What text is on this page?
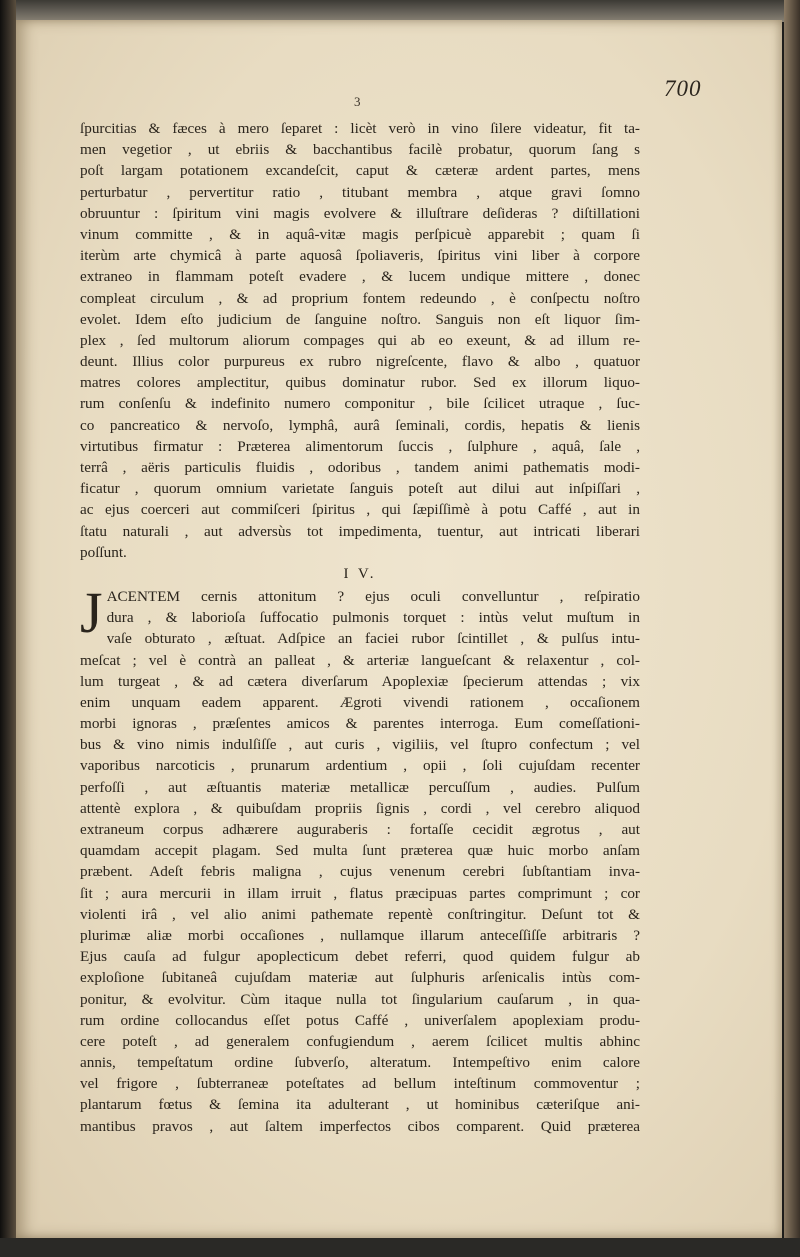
700
3
ſpurcitias & fæces à mero ſeparet : licèt verò in vino ſilere videatur, fit ta-
men vegetior , ut ebriis & bacchantibus facilè probatur, quorum ſang s
poſt largam potationem excandeſcit, caput & cæteræ ardent partes, mens
perturbatur , pervertitur ratio , titubant membra , atque gravi ſomno
obruuntur : ſpiritum vini magis evolvere & illuſtrare deſideras ? diſtillationi
vinum committe , & in aquâ-vitæ magis perſpicuè apparebit ; quam ſi
iterùm arte chymicâ à parte aquosâ ſpoliaveris, ſpiritus vini liber à corpore
extraneo in flammam poteſt evadere , & lucem undique mittere , donec
compleat circulum , & ad proprium fontem redeundo , è conſpectu noſtro
evolet. Idem eſto judicium de ſanguine noſtro. Sanguis non eſt liquor ſim-
plex , ſed multorum aliorum compages qui ab eo exeunt, & ad illum re-
deunt. Illius color purpureus ex rubro nigreſcente, flavo & albo , quatuor
matres colores amplectitur, quibus dominatur rubor. Sed ex illorum liquo-
rum conſenſu & indefinito numero componitur , bile ſcilicet utraque , ſuc-
co pancreatico & nervoſo, lymphâ, aurâ ſeminali, cordis, hepatis & lienis
virtutibus firmatur : Præterea alimentorum ſuccis , ſulphure , aquâ, ſale ,
terrâ , aëris particulis fluidis , odoribus , tandem animi pathematis modi-
ficatur , quorum omnium varietate ſanguis poteſt aut dilui aut inſpiſſari ,
ac ejus coerceri aut commiſceri ſpiritus , qui ſæpiſſimè à potu Caffé , aut in
ſtatu naturali , aut adversùs tot impedimenta, tuentur, aut intricati liberari
poſſunt.
I V.
J ACENTEM cernis attonitum ? ejus oculi convelluntur , reſpiratio
dura , & laborioſa ſuffocatio pulmonis torquet : intùs velut muſtum in
vaſe obturato , æſtuat. Adſpice an faciei rubor ſcintillet , & pulſus intu-
meſcat ; vel è contrà an palleat , & arteriæ langueſcant & relaxentur , col-
lum turgeat , & ad cætera diverſarum Apoplexiæ ſpecierum attendas ; vix
enim unquam eadem apparent. Ægroti vivendi rationem , occaſionem
morbi ignoras , præſentes amicos & parentes interroga. Eum comeſſationi-
bus & vino nimis indulſiſſe , aut curis , vigiliis, vel ſtupro confectum ; vel
vaporibus narcoticis , prunarum ardentium , opii , ſoli cujuſdam recenter
perfoſſi , aut æſtuantis materiæ metallicæ percuſſum , audies. Pulſum
attentè explora , & quibuſdam propriis ſignis , cordi , vel cerebro aliquod
extraneum corpus adhærere auguraberis : fortaſſe cecidit ægrotus , aut
quamdam accepit plagam. Sed multa ſunt præterea quæ huic morbo anſam
præbent. Adeſt febris maligna , cujus venenum cerebri ſubſtantiam inva-
ſit ; aura mercurii in illam irruit , flatus præcipuas partes comprimunt ; cor
violenti irâ , vel alio animi pathemate repentè conſtringitur. Deſunt tot &
plurimæ aliæ morbi occaſiones , nullamque illarum anteceſſiſſe arbitraris ?
Ejus cauſa ad fulgur apoplecticum debet referri, quod quidem fulgur ab
exploſione ſubitaneâ cujuſdam materiæ aut ſulphuris arſenicalis intùs com-
ponitur, & evolvitur. Cùm itaque nulla tot ſingularium cauſarum , in qua-
rum ordine collocandus eſſet potus Caffé , univerſalem apoplexiam produ-
cere poteſt , ad generalem confugiendum , aerem ſcilicet multis abhinc
annis, tempeſtatum ordine ſubverſo, alteratum. Intempeſtivo enim calore
vel frigore , ſubterraneæ poteſtates ad bellum inteſtinum commoventur ;
plantarum fœtus & ſemina ita adulterant , ut hominibus cæteriſque ani-
mantibus pravos , aut ſaltem imperfectos cibos comparent. Quid præterea
